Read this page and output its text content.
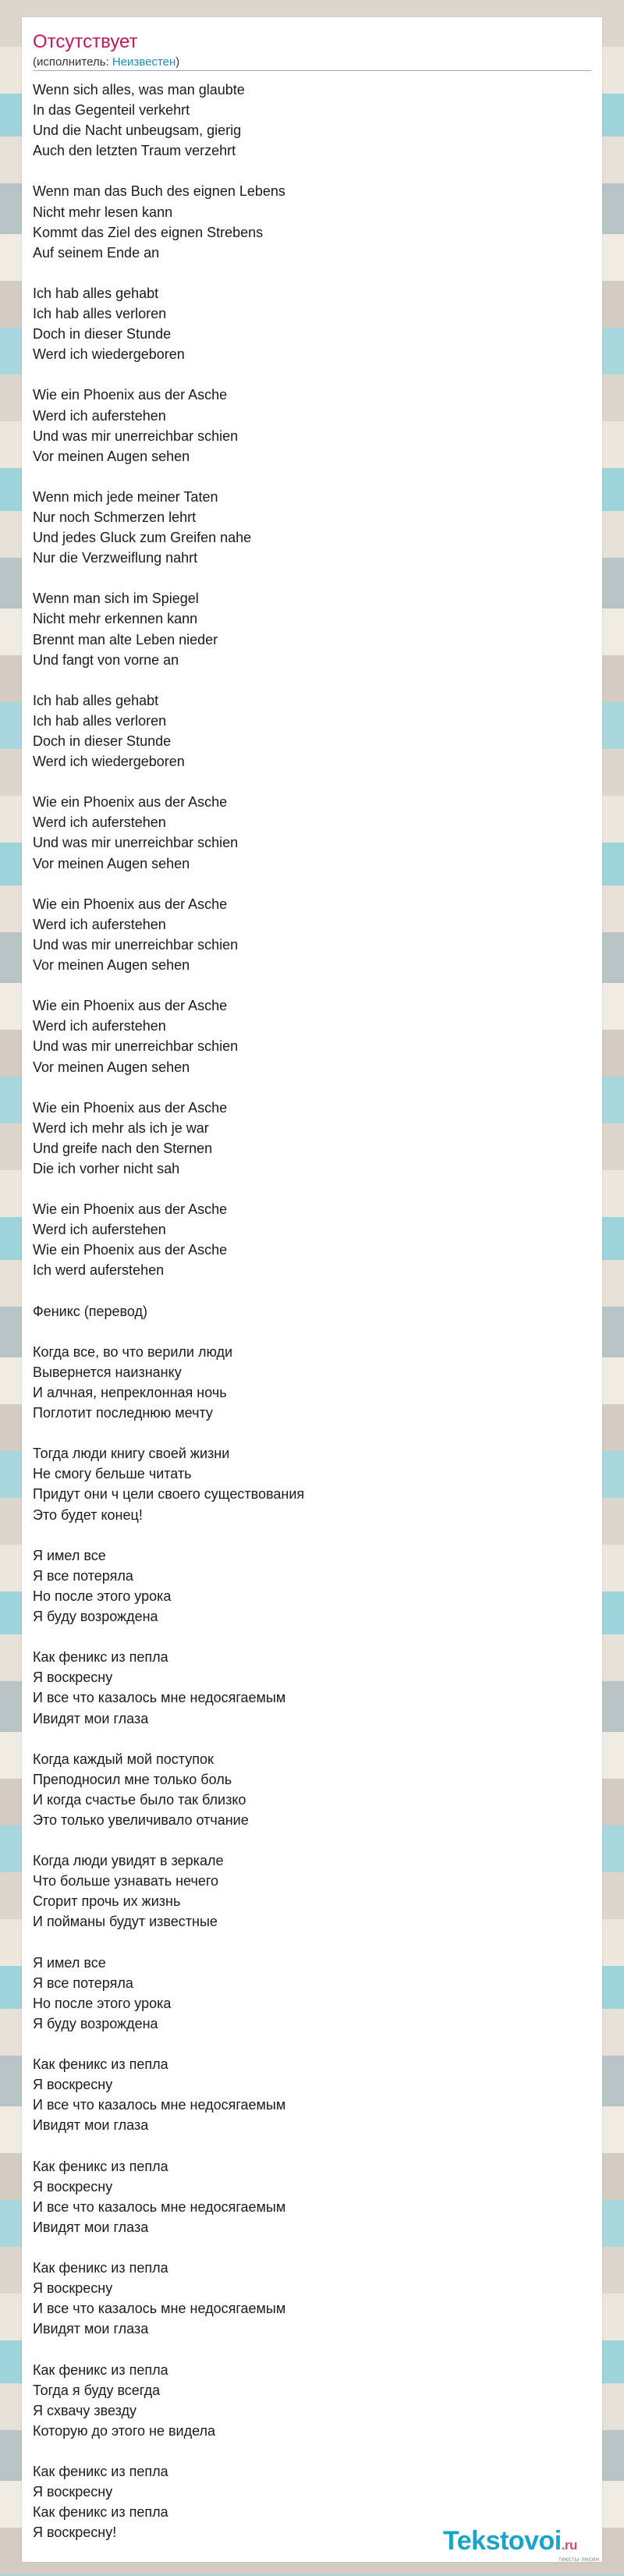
Отсутствует
(исполнитель: Неизвестен)
Wenn sich alles, was man glaubte
In das Gegenteil verkehrt
Und die Nacht unbeugsam, gierig
Auch den letzten Traum verzehrt
Wenn man das Buch des eignen Lebens
Nicht mehr lesen kann
Kommt das Ziel des eignen Strebens
Auf seinem Ende an
Ich hab alles gehabt
Ich hab alles verloren
Doch in dieser Stunde
Werd ich wiedergeboren
Wie ein Phoenix aus der Asche
Werd ich auferstehen
Und was mir unerreichbar schien
Vor meinen Augen sehen
Wenn mich jede meiner Taten
Nur noch Schmerzen lehrt
Und jedes Gluck zum Greifen nahe
Nur die Verzweiflung nahrt
Wenn man sich im Spiegel
Nicht mehr erkennen kann
Brennt man alte Leben nieder
Und fangt von vorne an
Ich hab alles gehabt
Ich hab alles verloren
Doch in dieser Stunde
Werd ich wiedergeboren
Wie ein Phoenix aus der Asche
Werd ich auferstehen
Und was mir unerreichbar schien
Vor meinen Augen sehen
Wie ein Phoenix aus der Asche
Werd ich auferstehen
Und was mir unerreichbar schien
Vor meinen Augen sehen
Wie ein Phoenix aus der Asche
Werd ich auferstehen
Und was mir unerreichbar schien
Vor meinen Augen sehen
Wie ein Phoenix aus der Asche
Werd ich mehr als ich je war
Und greife nach den Sternen
Die ich vorher nicht sah
Wie ein Phoenix aus der Asche
Werd ich auferstehen
Wie ein Phoenix aus der Asche
Ich werd auferstehen
Феникс (перевод)
Когда все, во что верили люди
Вывернется наизнанку
И алчная, непреклонная ночь
Поглотит последнюю мечту
Тогда люди книгу своей жизни
Не смогу бельше читать
Придут они ч цели своего существования
Это будет конец!
Я имел все
Я все потеряла
Но после этого урока
Я буду возрождена
Как феникс из пепла
Я воскресну
И все что казалось мне недосягаемым
Ивидят мои глаза
Когда каждый мой поступок
Преподносил мне только боль
И когда счастье было так близко
Это только увеличивало отчание
Когда люди увидят в зеркале
Что больше узнавать нечего
Сгорит прочь их жизнь
И пойманы будут известные
Я имел все
Я все потеряла
Но после этого урока
Я буду возрождена
Как феникс из пепла
Я воскресну
И все что казалось мне недосягаемым
Ивидят мои глаза
Как феникс из пепла
Я воскресну
И все что казалось мне недосягаемым
Ивидят мои глаза
Как феникс из пепла
Я воскресну
И все что казалось мне недосягаемым
Ивидят мои глаза
Как феникс из пепла
Тогда я буду всегда
Я схвачу звезду
Которую до этого не видела
Как феникс из пепла
Я воскресну
Как феникс из пепла
Я воскресну!	Tekstovoi.ru
тексты песен
